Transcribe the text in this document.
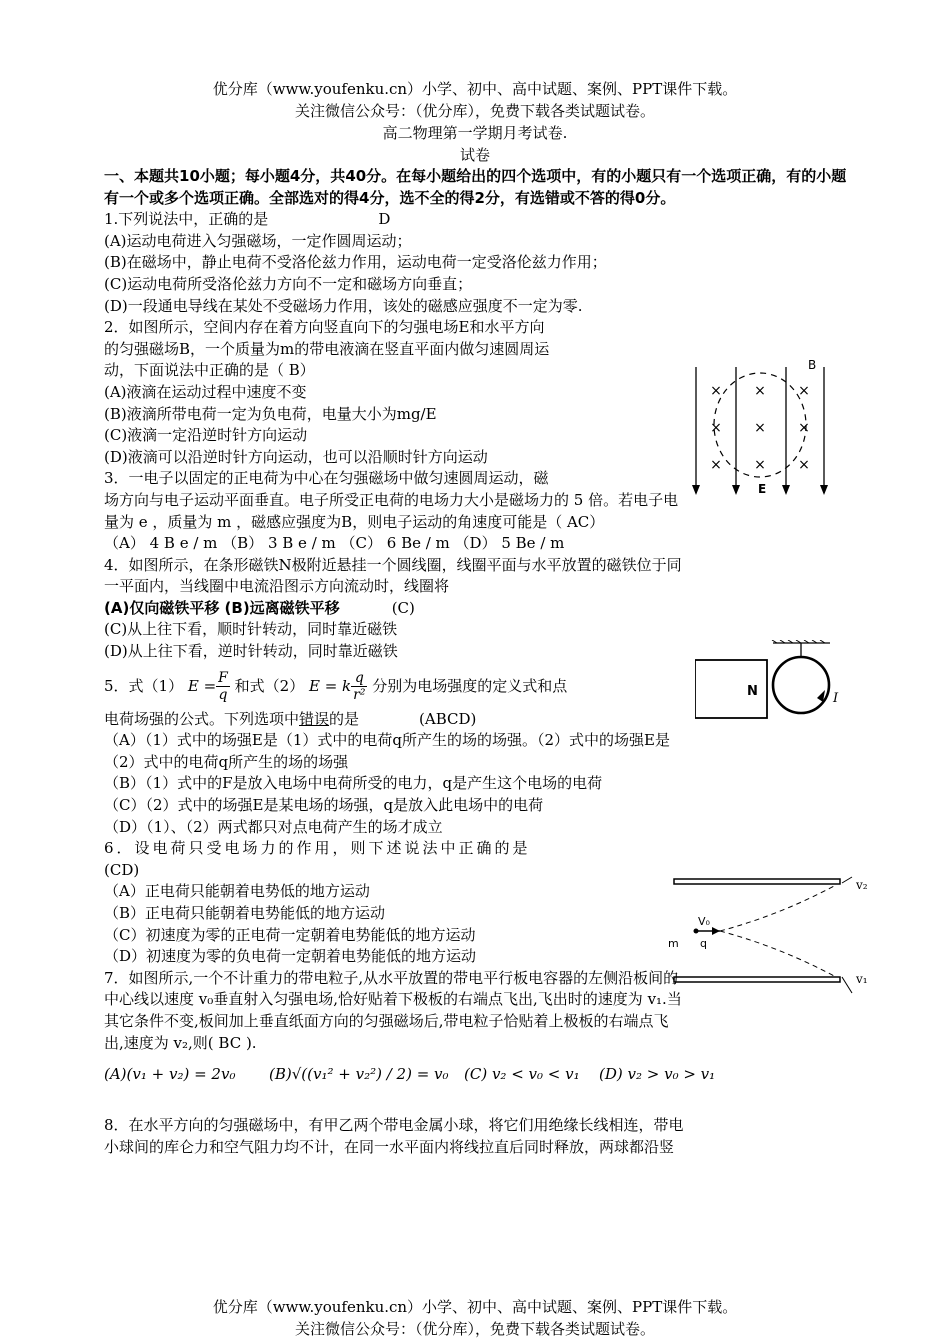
优分库（www.youfenku.cn）小学、初中、高中试题、案例、PPT课件下载。
关注微信公众号：（优分库），免费下载各类试题试卷。
高二物理第一学期月考试卷.
试卷
一、本题共10小题；每小题4分，共40分。在每小题给出的四个选项中，有的小题只有一个选项正确，有的小题有一个或多个选项正确。全部选对的得4分，选不全的得2分，有选错或不答的得0分。
1.下列说法中，正确的是	D
(A)运动电荷进入匀强磁场，一定作圆周运动；
(B)在磁场中，静止电荷不受洛伦兹力作用，运动电荷一定受洛伦兹力作用；
(C)运动电荷所受洛伦兹力方向不一定和磁场方向垂直；
(D)一段通电导线在某处不受磁场力作用，该处的磁感应强度不一定为零.
2．如图所示，空间内存在着方向竖直向下的匀强电场E和水平方向
的匀强磁场B，一个质量为m的带电液滴在竖直平面内做匀速圆周运
动，下面说法中正确的是（ B）
(A)液滴在运动过程中速度不变
(B)液滴所带电荷一定为负电荷，电量大小为mg/E
(C)液滴一定沿逆时针方向运动
(D)液滴可以沿逆时针方向运动，也可以沿顺时针方向运动
3．一电子以固定的正电荷为中心在匀强磁场中做匀速圆周运动，磁
场方向与电子运动平面垂直。电子所受正电荷的电场力大小是磁场力的 5 倍。若电子电
量为 e ，质量为 m ，磁感应强度为B，则电子运动的角速度可能是（ AC）
（A） 4 B e / m （B） 3 B e / m （C） 6 Be / m （D） 5 Be / m
4．如图所示，在条形磁铁N极附近悬挂一个圆线圈，线圈平面与水平放置的磁铁位于同
一平面内，当线圈中电流沿图示方向流动时，线圈将
(A)仅向磁铁平移 (B)远离磁铁平移	(C)
(C)从上往下看，顺时针转动，同时靠近磁铁
(D)从上往下看，逆时针转动，同时靠近磁铁
5．式（1） $E = \frac{F}{q}$ 和式（2） E = k $\frac{q}{\text{r²}}$ 分别为电场强度的定义式和点
电荷场强的公式。下列选项中错误的是	(ABCD)
（A）（1）式中的场强E是（1）式中的电荷q所产生的场的场强。（2）式中的场强E是
（2）式中的电荷q所产生的场的场强
（B）（1）式中的F是放入电场中电荷所受的电力，q是产生这个电场的电荷
（C）（2）式中的场强E是某电场的场强，q是放入此电场中的电荷
（D）（1）、（2）两式都只对点电荷产生的场才成立
6．设电荷只受电场力的作用，则下述说法中正确的是
(CD)
（A）正电荷只能朝着电势低的地方运动
（B）正电荷只能朝着电势能低的地方运动
（C）初速度为零的正电荷一定朝着电势能低的地方运动
（D）初速度为零的负电荷一定朝着电势能低的地方运动
7．如图所示,一个不计重力的带电粒子,从水平放置的带电平行板电容器的左侧沿板间的
中心线以速度 v₀垂直射入匀强电场,恰好贴着下极板的右端点飞出,飞出时的速度为 v₁.当
其它条件不变,板间加上垂直纸面方向的匀强磁场后,带电粒子恰贴着上极板的右端点飞
出,速度为 v₂,则( BC ).
(A)(v₁ + v₂) = 2v₀ (B)√((v₁² + v₂²) / 2) = v₀ (C) v₂ < v₀ < v₁ (D) v₂ > v₀ > v₁
8．在水平方向的匀强磁场中，有甲乙两个带电金属小球，将它们用绝缘长线相连，带电
小球间的库仑力和空气阻力均不计，在同一水平面内将线拉直后同时释放，两球都沿竖
× × ×
× × ×
× × ×
B
E
N	I
v₂
v₁
V₀
m q
优分库（www.youfenku.cn）小学、初中、高中试题、案例、PPT课件下载。
关注微信公众号：（优分库），免费下载各类试题试卷。
